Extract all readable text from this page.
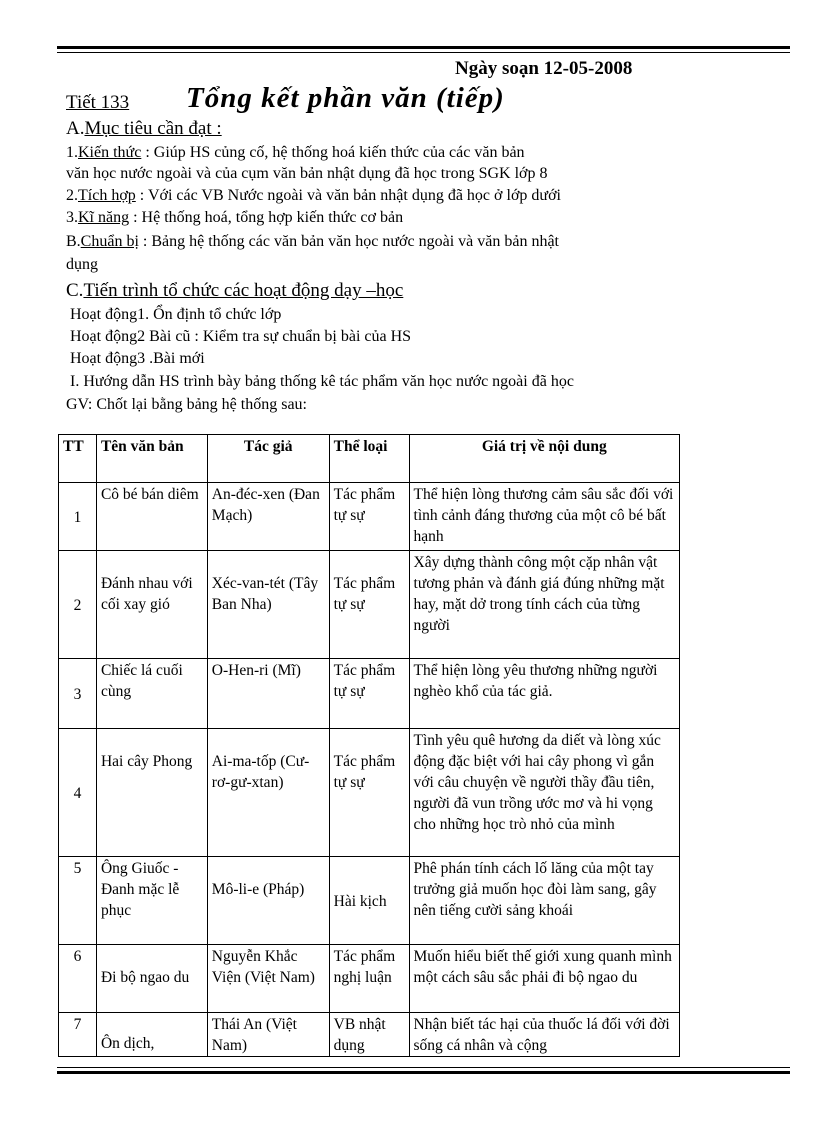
Ngày soạn 12-05-2008
Tiết 133 Tổng kết phần văn (tiếp)
A.Mục tiêu cần đạt :
1.Kiến thức : Giúp HS củng cố, hệ thống hoá kiến thức của các văn bản
văn học nước ngoài và của cụm văn bản nhật dụng đã học trong SGK lớp 8
2.Tích hợp : Với các VB Nước ngoài và văn bản nhật dụng đã học ở lớp dưới
3.Kĩ năng : Hệ thống hoá, tổng hợp kiến thức cơ bản
B.Chuẩn bị : Bảng hệ thống các văn bản văn học nước ngoài và văn bản nhật
dụng
C.Tiến trình tổ chức các hoạt động dạy –học
Hoạt động1. Ổn định tổ chức lớp
Hoạt động2 Bài cũ : Kiểm tra sự chuẩn bị bài của HS
Hoạt động3 .Bài mới
I. Hướng dẫn HS trình bày bảng thống kê tác phẩm văn học nước ngoài đã học
GV: Chốt lại bằng bảng hệ thống sau:
TT	Tên văn bản	Tác giả	Thể loại	Giá trị về nội dung
1	Cô bé bán diêm	An-đéc-xen (Đan Mạch)	Tác phẩm tự sự	Thể hiện lòng thương cảm sâu sắc đối với tình cảnh đáng thương của một cô bé bất hạnh
2	Đánh nhau với cối xay gió	Xéc-van-tét (Tây Ban Nha)	Tác phẩm tự sự	Xây dựng thành công một cặp nhân vật tương phản và đánh giá đúng những mặt hay, mặt dở trong tính cách của từng người
3	Chiếc lá cuối cùng	O-Hen-ri (Mĩ)	Tác phẩm tự sự	Thể hiện lòng yêu thương những người nghèo khổ của tác giả.
4	Hai cây Phong	Ai-ma-tốp (Cư-rơ-gư-xtan)	Tác phẩm tự sự	Tình yêu quê hương da diết và lòng xúc động đặc biệt với hai cây phong vì gắn với câu chuyện về người thầy đầu tiên, người đã vun trồng ước mơ và hi vọng cho những học trò nhỏ của mình
5	Ông Giuốc - Đanh mặc lễ phục	Mô-li-e (Pháp)	Hài kịch	Phê phán tính cách lố lăng của một tay trưởng giả muốn học đòi làm sang, gây nên tiếng cười sảng khoái
6	Đi bộ ngao du	Nguyễn Khắc Viện (Việt Nam)	Tác phẩm nghị luận	Muốn hiểu biết thế giới xung quanh mình một cách sâu sắc phải đi bộ ngao du
7	Ôn dịch,	Thái An (Việt Nam)	VB nhật dụng	Nhận biết tác hại của thuốc lá đối với đời sống cá nhân và cộng
